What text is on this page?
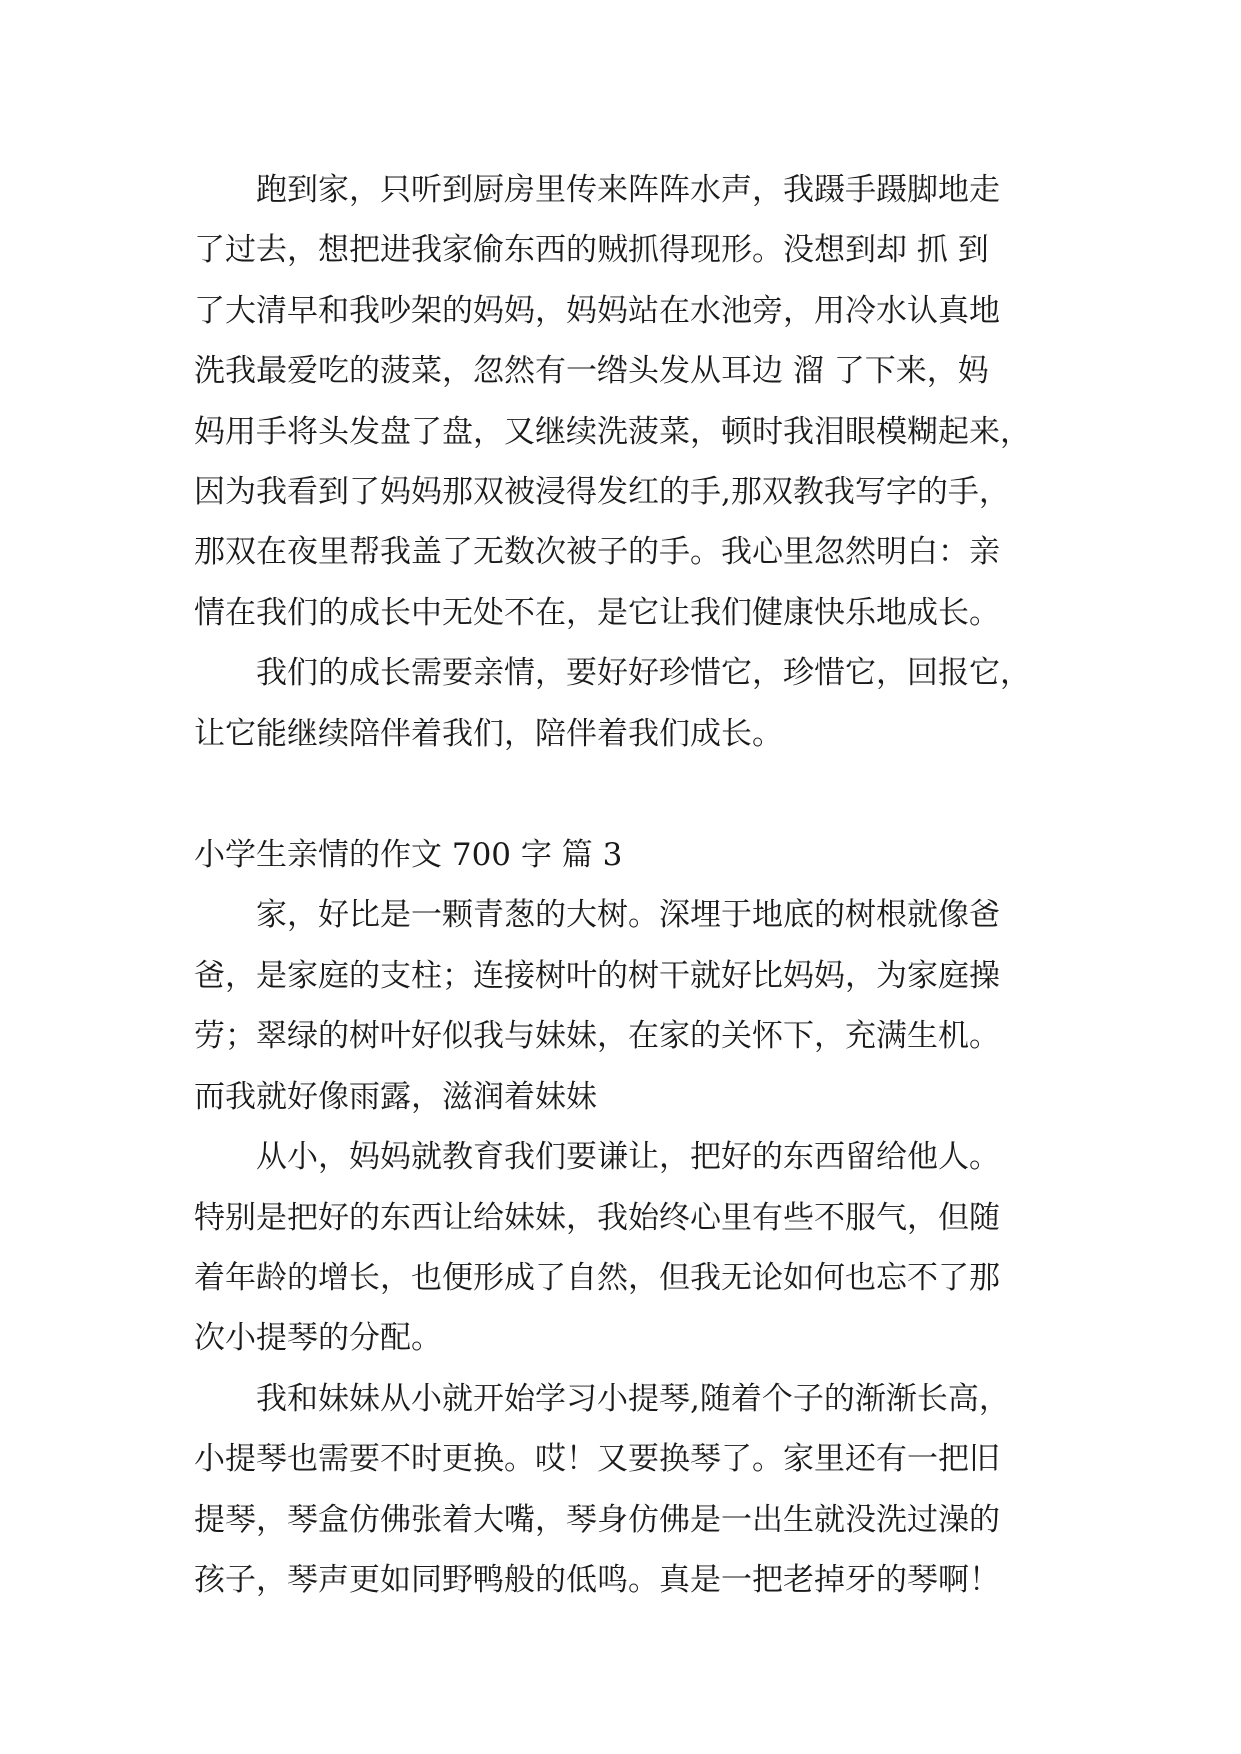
跑到家，只听到厨房里传来阵阵水声，我蹑手蹑脚地走
了过去，想把进我家偷东西的贼抓得现形。没想到却 抓 到
了大清早和我吵架的妈妈，妈妈站在水池旁，用冷水认真地
洗我最爱吃的菠菜，忽然有一绺头发从耳边 溜 了下来，妈
妈用手将头发盘了盘，又继续洗菠菜，顿时我泪眼模糊起来，
因为我看到了妈妈那双被浸得发红的手,那双教我写字的手，
那双在夜里帮我盖了无数次被子的手。我心里忽然明白：亲
情在我们的成长中无处不在，是它让我们健康快乐地成长。

我们的成长需要亲情，要好好珍惜它，珍惜它，回报它，
让它能继续陪伴着我们，陪伴着我们成长。

小学生亲情的作文 700 字 篇 3

家，好比是一颗青葱的大树。深埋于地底的树根就像爸
爸，是家庭的支柱；连接树叶的树干就好比妈妈，为家庭操
劳；翠绿的树叶好似我与妹妹，在家的关怀下，充满生机。
而我就好像雨露，滋润着妹妹

从小，妈妈就教育我们要谦让，把好的东西留给他人。
特别是把好的东西让给妹妹，我始终心里有些不服气，但随
着年龄的增长，也便形成了自然，但我无论如何也忘不了那
次小提琴的分配。

我和妹妹从小就开始学习小提琴,随着个子的渐渐长高，
小提琴也需要不时更换。哎！又要换琴了。家里还有一把旧
提琴，琴盒仿佛张着大嘴，琴身仿佛是一出生就没洗过澡的
孩子，琴声更如同野鸭般的低鸣。真是一把老掉牙的琴啊！
